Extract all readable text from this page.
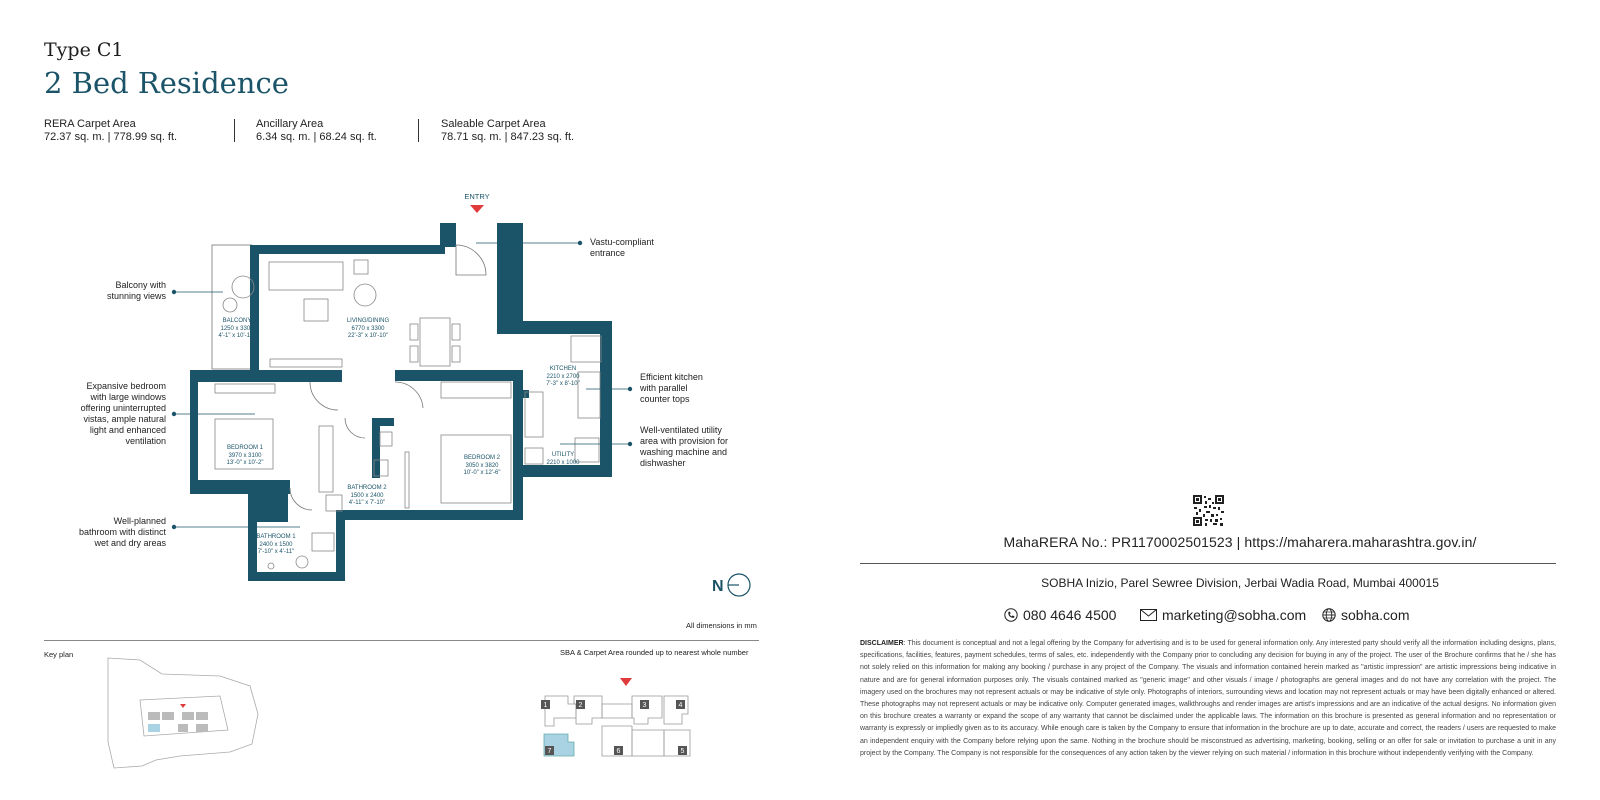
Type C1
2 Bed Residence
RERA Carpet Area
72.37 sq. m. | 778.99 sq. ft.
Ancillary Area
6.34 sq. m. | 68.24 sq. ft.
Saleable Carpet Area
78.71 sq. m. | 847.23 sq. ft.
ENTRY
BALCONY
1250 x 3300
4'-1" x 10'-10"
LIVING/DINING
6770 x 3300
22'-3" x 10'-10"
KITCHEN
2210 x 2700
7'-3" x 8'-10"
BEDROOM 1
3970 x 3100
13'-0" x 10'-2"
BEDROOM 2
3050 x 3820
10'-0" x 12'-6"
UTILITY
2210 x 1000
7'-3" x 3'-3"
BATHROOM 2
1500 x 2400
4'-11" x 7'-10"
BATHROOM 1
2400 x 1500
7'-10" x 4'-11"
N
Balcony with
stunning views
Expansive bedroom
with large windows
offering uninterrupted
vistas, ample natural
light and enhanced
ventilation
Well-planned
bathroom with distinct
wet and dry areas
Vastu-compliant
entrance
Efficient kitchen
with parallel
counter tops
Well-ventilated utility
area with provision for
washing machine and
dishwasher
All dimensions in mm
Key plan	SBA & Carpet Area rounded up to nearest whole number
1	2	3	4
5
6
7
MahaRERA No.: PR1170002501523 | https://maharera.maharashtra.gov.in/
SOBHA Inizio, Parel Sewree Division, Jerbai Wadia Road, Mumbai 400015
080 4646 4500	marketing@sobha.com sobha.com
DISCLAIMER: This document is conceptual and not a legal offering by the Company for advertising and is to be used for general information only. Any interested party should verify all the information including designs, plans, specifications, facilities, features, payment schedules, terms of sales, etc. independently with the Company prior to concluding any decision for buying in any of the project. The user of the Brochure confirms that he / she has not solely relied on this information for making any booking / purchase in any project of the Company. The visuals and information contained herein marked as "artistic impression" are artistic impressions being indicative in nature and are for general information purposes only. The visuals contained marked as "generic image" and other visuals / image / photographs are general images and do not have any correlation with the project. The imagery used on the brochures may not represent actuals or may be indicative of style only. Photographs of interiors, surrounding views and location may not represent actuals or may have been digitally enhanced or altered. These photographs may not represent actuals or may be indicative only. Computer generated images, walkthroughs and render images are artist's impressions and are an indicative of the actual designs. No information given on this brochure creates a warranty or expand the scope of any warranty that cannot be disclaimed under the applicable laws. The information on this brochure is presented as general information and no representation or warranty is expressly or impliedly given as to its accuracy. While enough care is taken by the Company to ensure that information in the brochure are up to date, accurate and correct, the readers / users are requested to make an independent enquiry with the Company before relying upon the same. Nothing in the brochure should be misconstrued as advertising, marketing, booking, selling or an offer for sale or invitation to purchase a unit in any project by the Company. The Company is not responsible for the consequences of any action taken by the viewer relying on such material / information in this brochure without independently verifying with the Company.
